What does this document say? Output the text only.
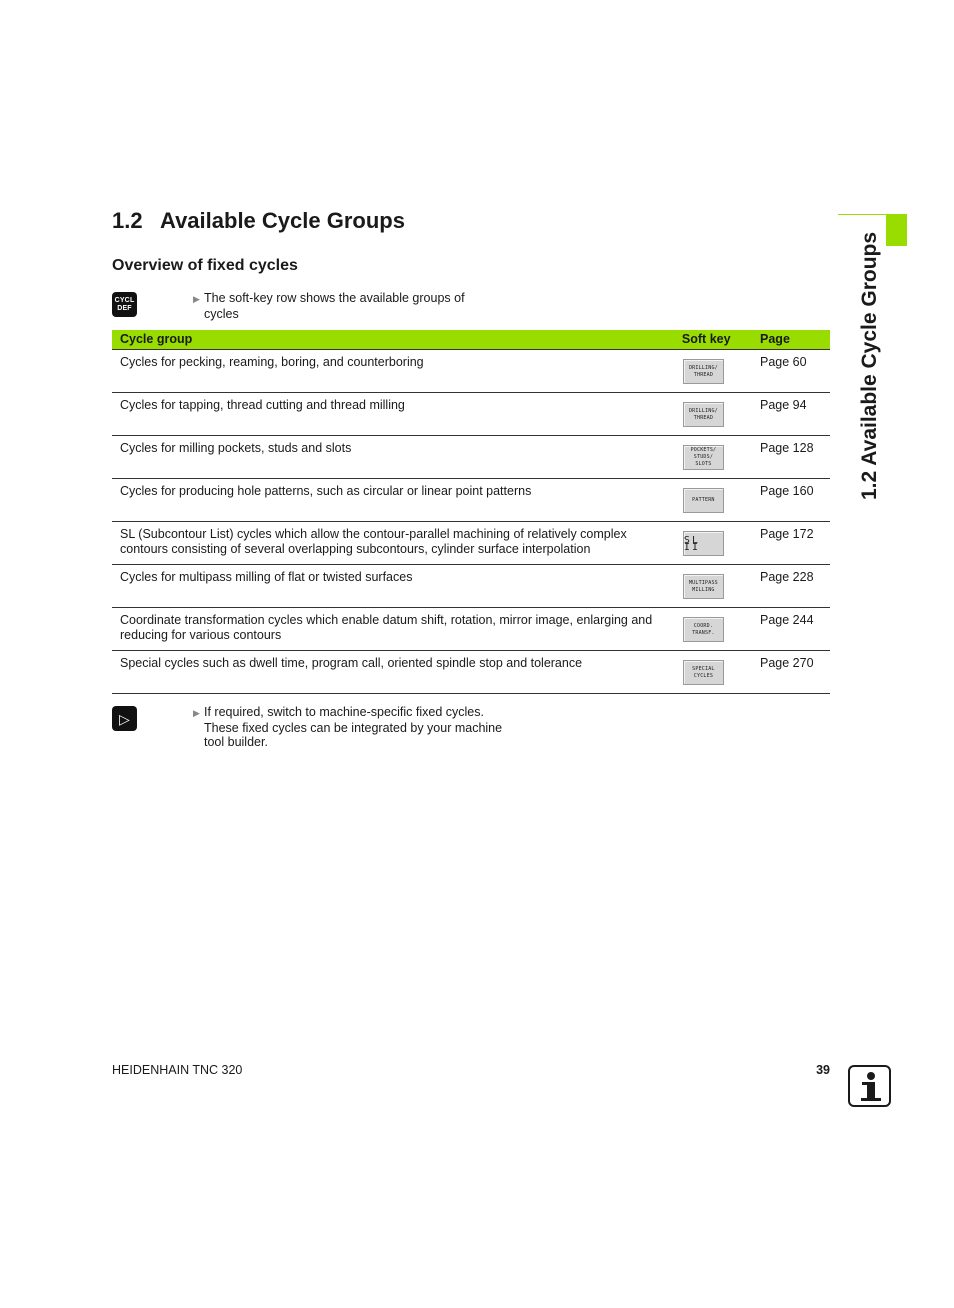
1.2 Available Cycle Groups
Overview of fixed cycles
CYCL
DEF
▶ The soft-key row shows the available groups of
cycles
Cycle group	Soft key	Page
Cycles for pecking, reaming, boring, and counterboring	DRILLING/
THREAD	Page 60
Cycles for tapping, thread cutting and thread milling	DRILLING/
THREAD	Page 94
Cycles for milling pockets, studs and slots	POCKETS/
STUDS/
SLOTS	Page 128
Cycles for producing hole patterns, such as circular or linear point patterns	PATTERN	Page 160
SL (Subcontour List) cycles which allow the contour-parallel machining of relatively complex contours consisting of several overlapping subcontours, cylinder surface interpolation	SL II	Page 172
Cycles for multipass milling of flat or twisted surfaces	MULTIPASS
MILLING	Page 228
Coordinate transformation cycles which enable datum shift, rotation, mirror image, enlarging and reducing for various contours	COORD.
TRANSF.	Page 244
Special cycles such as dwell time, program call, oriented spindle stop and tolerance	SPECIAL
CYCLES	Page 270
▷	▶ If required, switch to machine-specific fixed cycles.
These fixed cycles can be integrated by your machine
tool builder.
1.2 Available Cycle Groups
HEIDENHAIN TNC 320	39
